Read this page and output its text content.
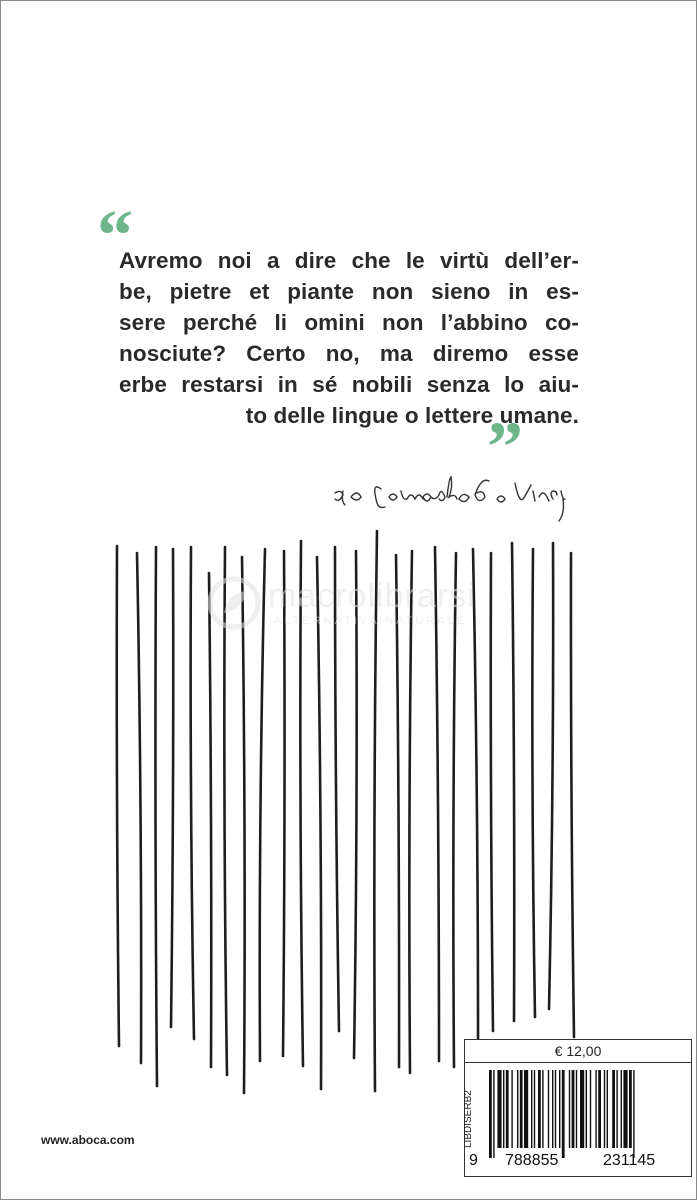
“

Avremo noi a dire che le virtù dell’er-
be, pietre et piante non sieno in es-
sere perché li omini non l’abbino co-
nosciute? Certo no, ma diremo esse
erbe restarsi in sé nobili senza lo aiu-
to delle lingue o lettere umane.

”
macrolibrarsi
ALTERNATIVA NATURALE
€ 12,00
LIBDISERB2
9 788855	231145
www.aboca.com
